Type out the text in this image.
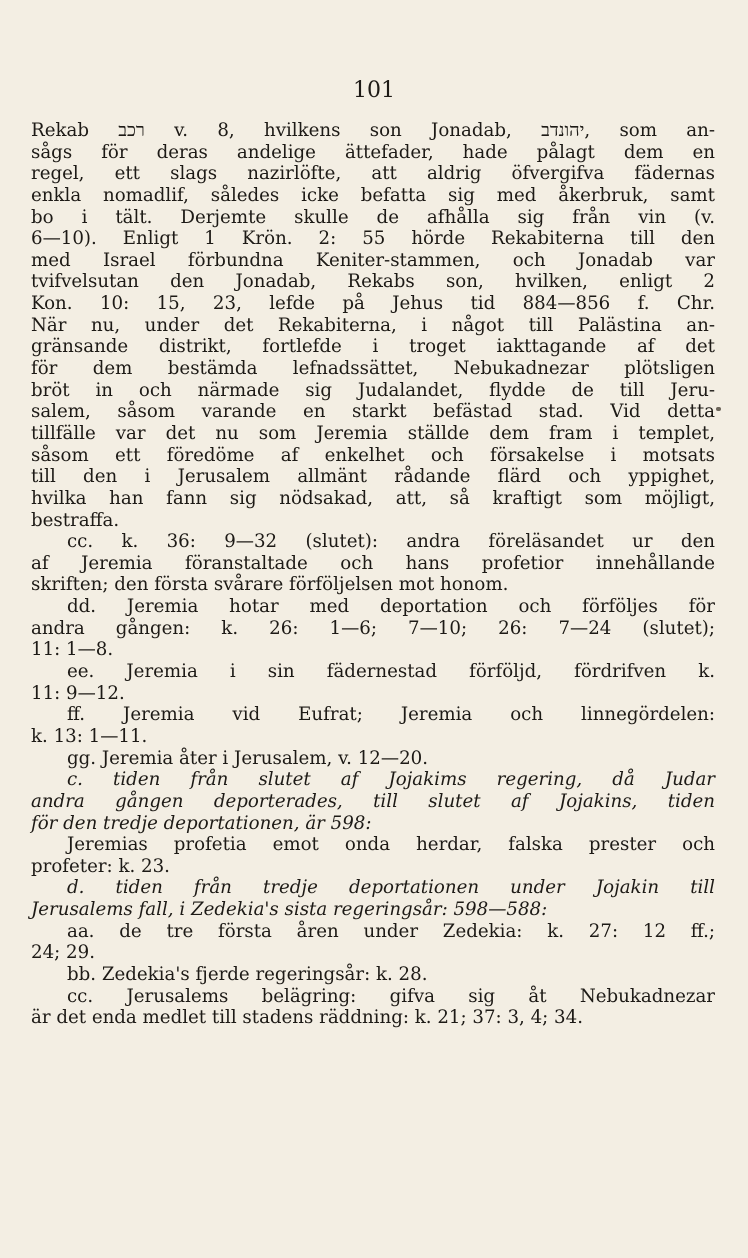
101
Rekab רכב v. 8, hvilkens son Jonadab, יהונדב, som an-
sågs för deras andelige ättefader, hade pålagt dem en
regel, ett slags nazirlöfte, att aldrig öfvergifva fädernas
enkla nomadlif, således icke befatta sig med åkerbruk, samt
bo i tält. Derjemte skulle de afhålla sig från vin (v.
6—10). Enligt 1 Krön. 2: 55 hörde Rekabiterna till den
med Israel förbundna Keniter-stammen, och Jonadab var
tvifvelsutan den Jonadab, Rekabs son, hvilken, enligt 2
Kon. 10: 15, 23, lefde på Jehus tid 884—856 f. Chr.
När nu, under det Rekabiterna, i något till Palästina an-
gränsande distrikt, fortlefde i troget iakttagande af det
för dem bestämda lefnadssättet, Nebukadnezar plötsligen
bröt in och närmade sig Judalandet, flydde de till Jeru-
salem, såsom varande en starkt befästad stad. Vid detta
tillfälle var det nu som Jeremia ställde dem fram i templet,
såsom ett föredöme af enkelhet och försakelse i motsats
till den i Jerusalem allmänt rådande flärd och yppighet,
hvilka han fann sig nödsakad, att, så kraftigt som möjligt,
bestraffa.
cc. k. 36: 9—32 (slutet): andra föreläsandet ur den
af Jeremia föranstaltade och hans profetior innehållande
skriften; den första svårare förföljelsen mot honom.
dd. Jeremia hotar med deportation och förföljes för
andra gången: k. 26: 1—6; 7—10; 26: 7—24 (slutet);
11: 1—8.
ee. Jeremia i sin fädernestad förföljd, fördrifven k.
11: 9—12.
ff. Jeremia vid Eufrat; Jeremia och linnegördelen:
k. 13: 1—11.
gg. Jeremia åter i Jerusalem, v. 12—20.
c. tiden från slutet af Jojakims regering, då Judar
andra gången deporterades, till slutet af Jojakins, tiden
för den tredje deportationen, är 598:
Jeremias profetia emot onda herdar, falska prester och
profeter: k. 23.
d. tiden från tredje deportationen under Jojakin till
Jerusalems fall, i Zedekia's sista regeringsår: 598—588:
aa. de tre första åren under Zedekia: k. 27: 12 ff.;
24; 29.
bb. Zedekia's fjerde regeringsår: k. 28.
cc. Jerusalems belägring: gifva sig åt Nebukadnezar
är det enda medlet till stadens räddning: k. 21; 37: 3, 4; 34.
